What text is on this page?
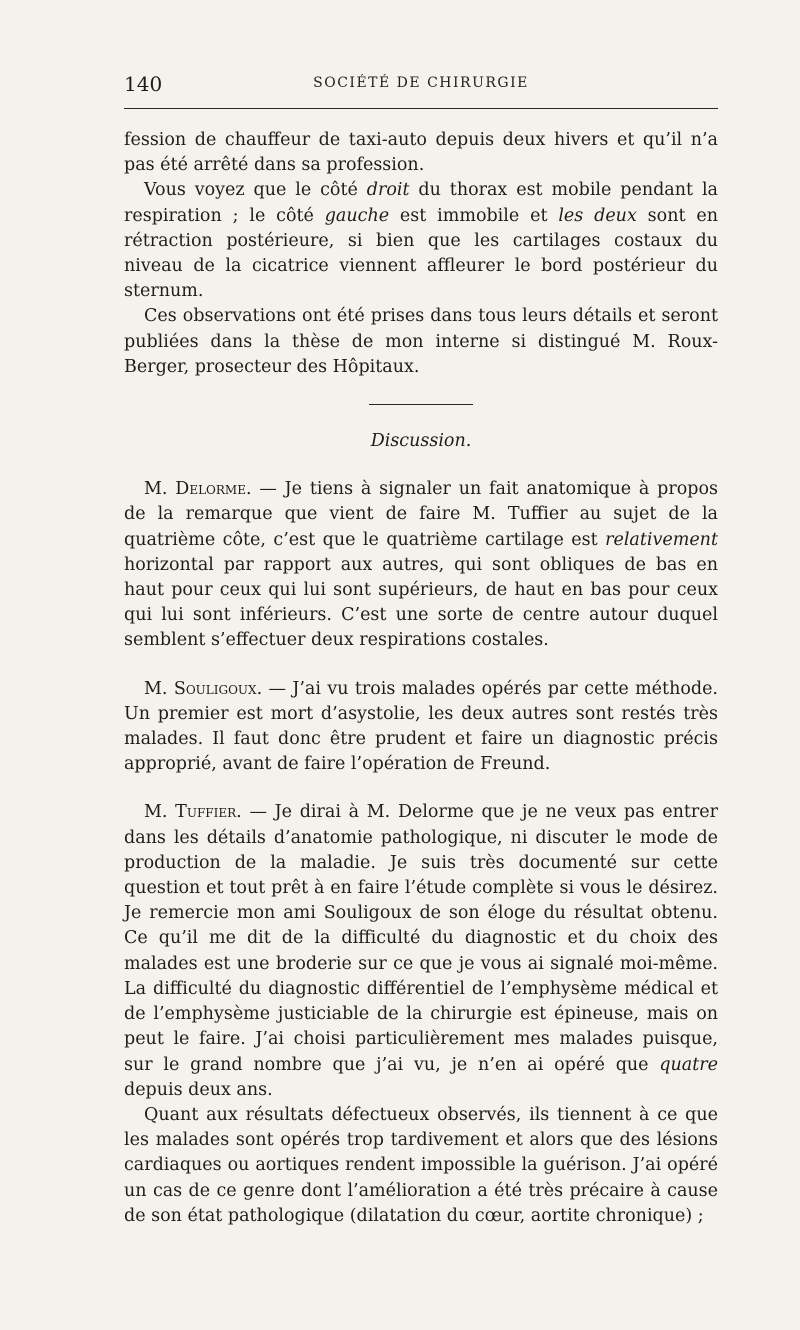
140	SOCIÉTÉ DE CHIRURGIE

fession de chauffeur de taxi-auto depuis deux hivers et qu’il n’a pas été arrêté dans sa profession.

Vous voyez que le côté droit du thorax est mobile pendant la respiration ; le côté gauche est immobile et les deux sont en rétraction postérieure, si bien que les cartilages costaux du niveau de la cicatrice viennent affleurer le bord postérieur du sternum.

Ces observations ont été prises dans tous leurs détails et seront publiées dans la thèse de mon interne si distingué M. Roux-Berger, prosecteur des Hôpitaux.

Discussion.

M. Delorme. — Je tiens à signaler un fait anatomique à propos de la remarque que vient de faire M. Tuffier au sujet de la quatrième côte, c’est que le quatrième cartilage est relativement horizontal par rapport aux autres, qui sont obliques de bas en haut pour ceux qui lui sont supérieurs, de haut en bas pour ceux qui lui sont inférieurs. C’est une sorte de centre autour duquel semblent s’effectuer deux respirations costales.

M. Souligoux. — J’ai vu trois malades opérés par cette méthode. Un premier est mort d’asystolie, les deux autres sont restés très malades. Il faut donc être prudent et faire un diagnostic précis approprié, avant de faire l’opération de Freund.

M. Tuffier. — Je dirai à M. Delorme que je ne veux pas entrer dans les détails d’anatomie pathologique, ni discuter le mode de production de la maladie. Je suis très documenté sur cette question et tout prêt à en faire l’étude complète si vous le désirez. Je remercie mon ami Souligoux de son éloge du résultat obtenu. Ce qu’il me dit de la difficulté du diagnostic et du choix des malades est une broderie sur ce que je vous ai signalé moi-même. La difficulté du diagnostic différentiel de l’emphysème médical et de l’emphysème justiciable de la chirurgie est épineuse, mais on peut le faire. J’ai choisi particulièrement mes malades puisque, sur le grand nombre que j’ai vu, je n’en ai opéré que quatre depuis deux ans.

Quant aux résultats défectueux observés, ils tiennent à ce que les malades sont opérés trop tardivement et alors que des lésions cardiaques ou aortiques rendent impossible la guérison. J’ai opéré un cas de ce genre dont l’amélioration a été très précaire à cause de son état pathologique (dilatation du cœur, aortite chronique) ;
